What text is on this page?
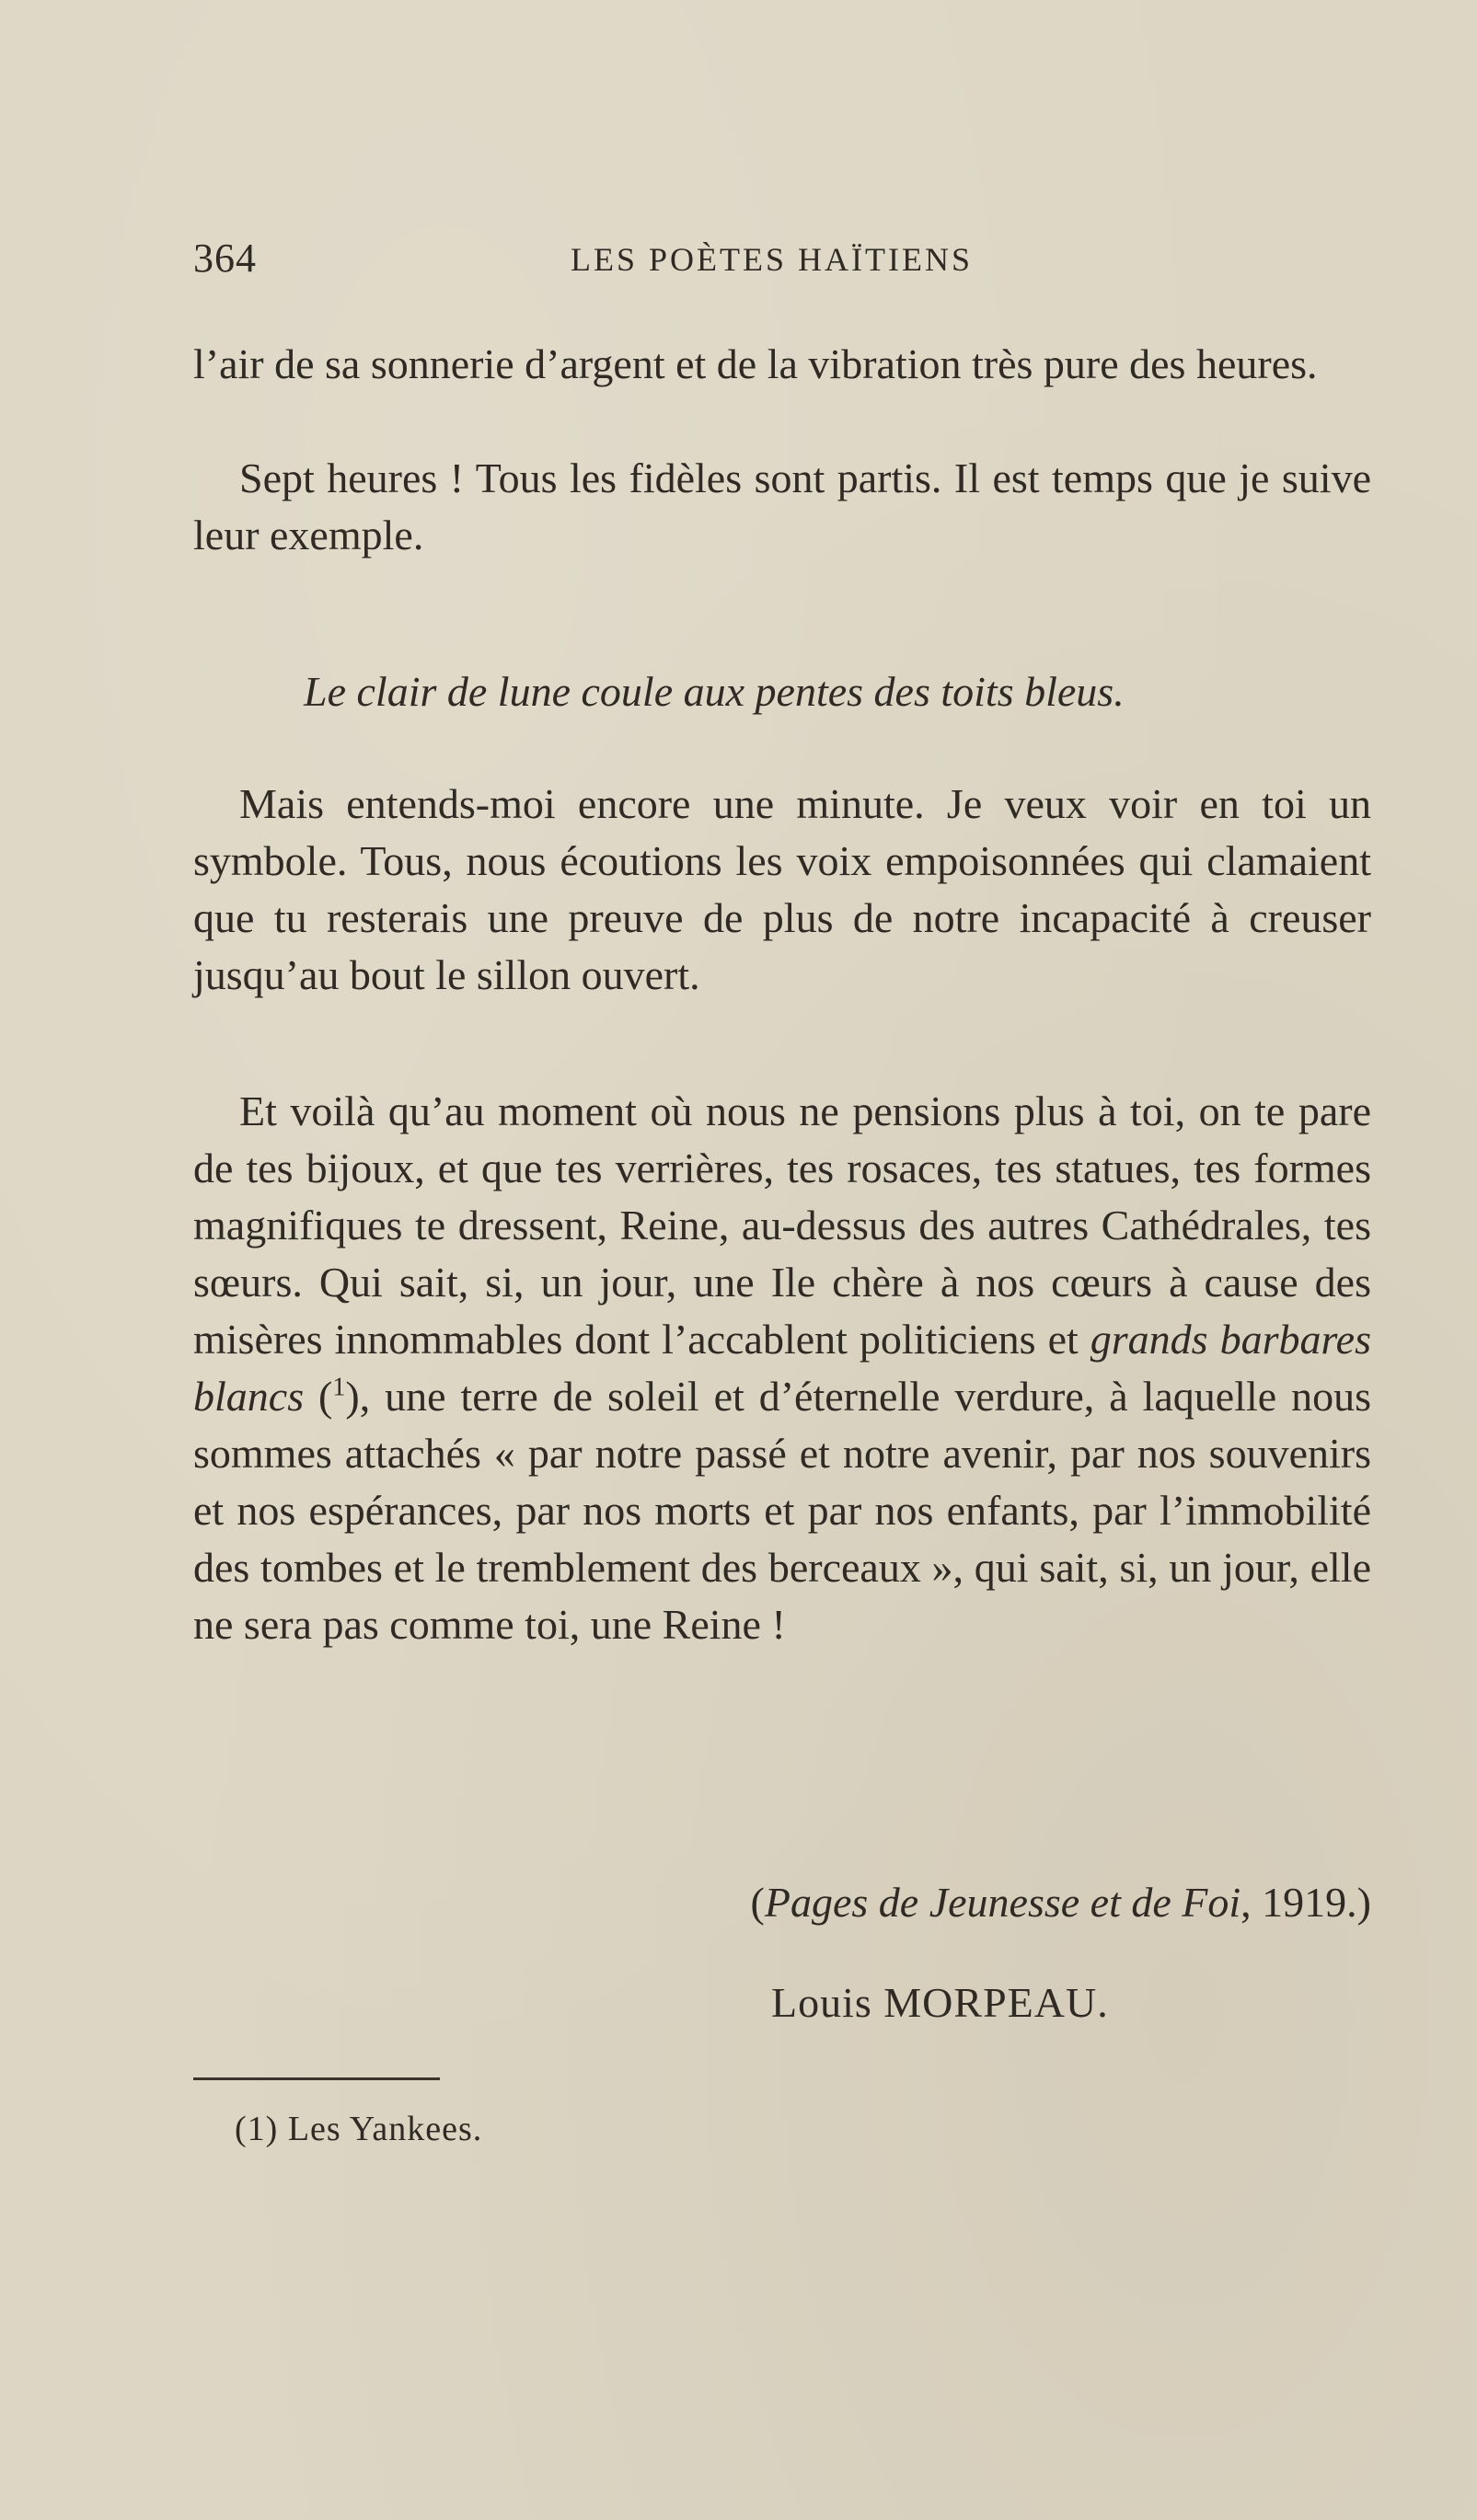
364	LES POÈTES HAÏTIENS

l’air de sa sonnerie d’argent et de la vibration très pure des heures.

Sept heures ! Tous les fidèles sont partis. Il est temps que je suive leur exemple.

Le clair de lune coule aux pentes des toits bleus.

Mais entends-moi encore une minute. Je veux voir en toi un symbole. Tous, nous écoutions les voix empoisonnées qui clamaient que tu resterais une preuve de plus de notre incapacité à creuser jusqu’au bout le sillon ouvert.

Et voilà qu’au moment où nous ne pensions plus à toi, on te pare de tes bijoux, et que tes verrières, tes rosaces, tes statues, tes formes magnifiques te dressent, Reine, au-dessus des autres Cathédrales, tes sœurs. Qui sait, si, un jour, une Ile chère à nos cœurs à cause des misères innommables dont l’accablent politiciens et grands barbares blancs ($^1$), une terre de soleil et d’éternelle verdure, à laquelle nous sommes attachés « par notre passé et notre avenir, par nos souvenirs et nos espérances, par nos morts et par nos enfants, par l’immobilité des tombes et le tremblement des berceaux », qui sait, si, un jour, elle ne sera pas comme toi, une Reine !

(Pages de Jeunesse et de Foi, 1919.)

Louis MORPEAU.

(1) Les Yankees.
